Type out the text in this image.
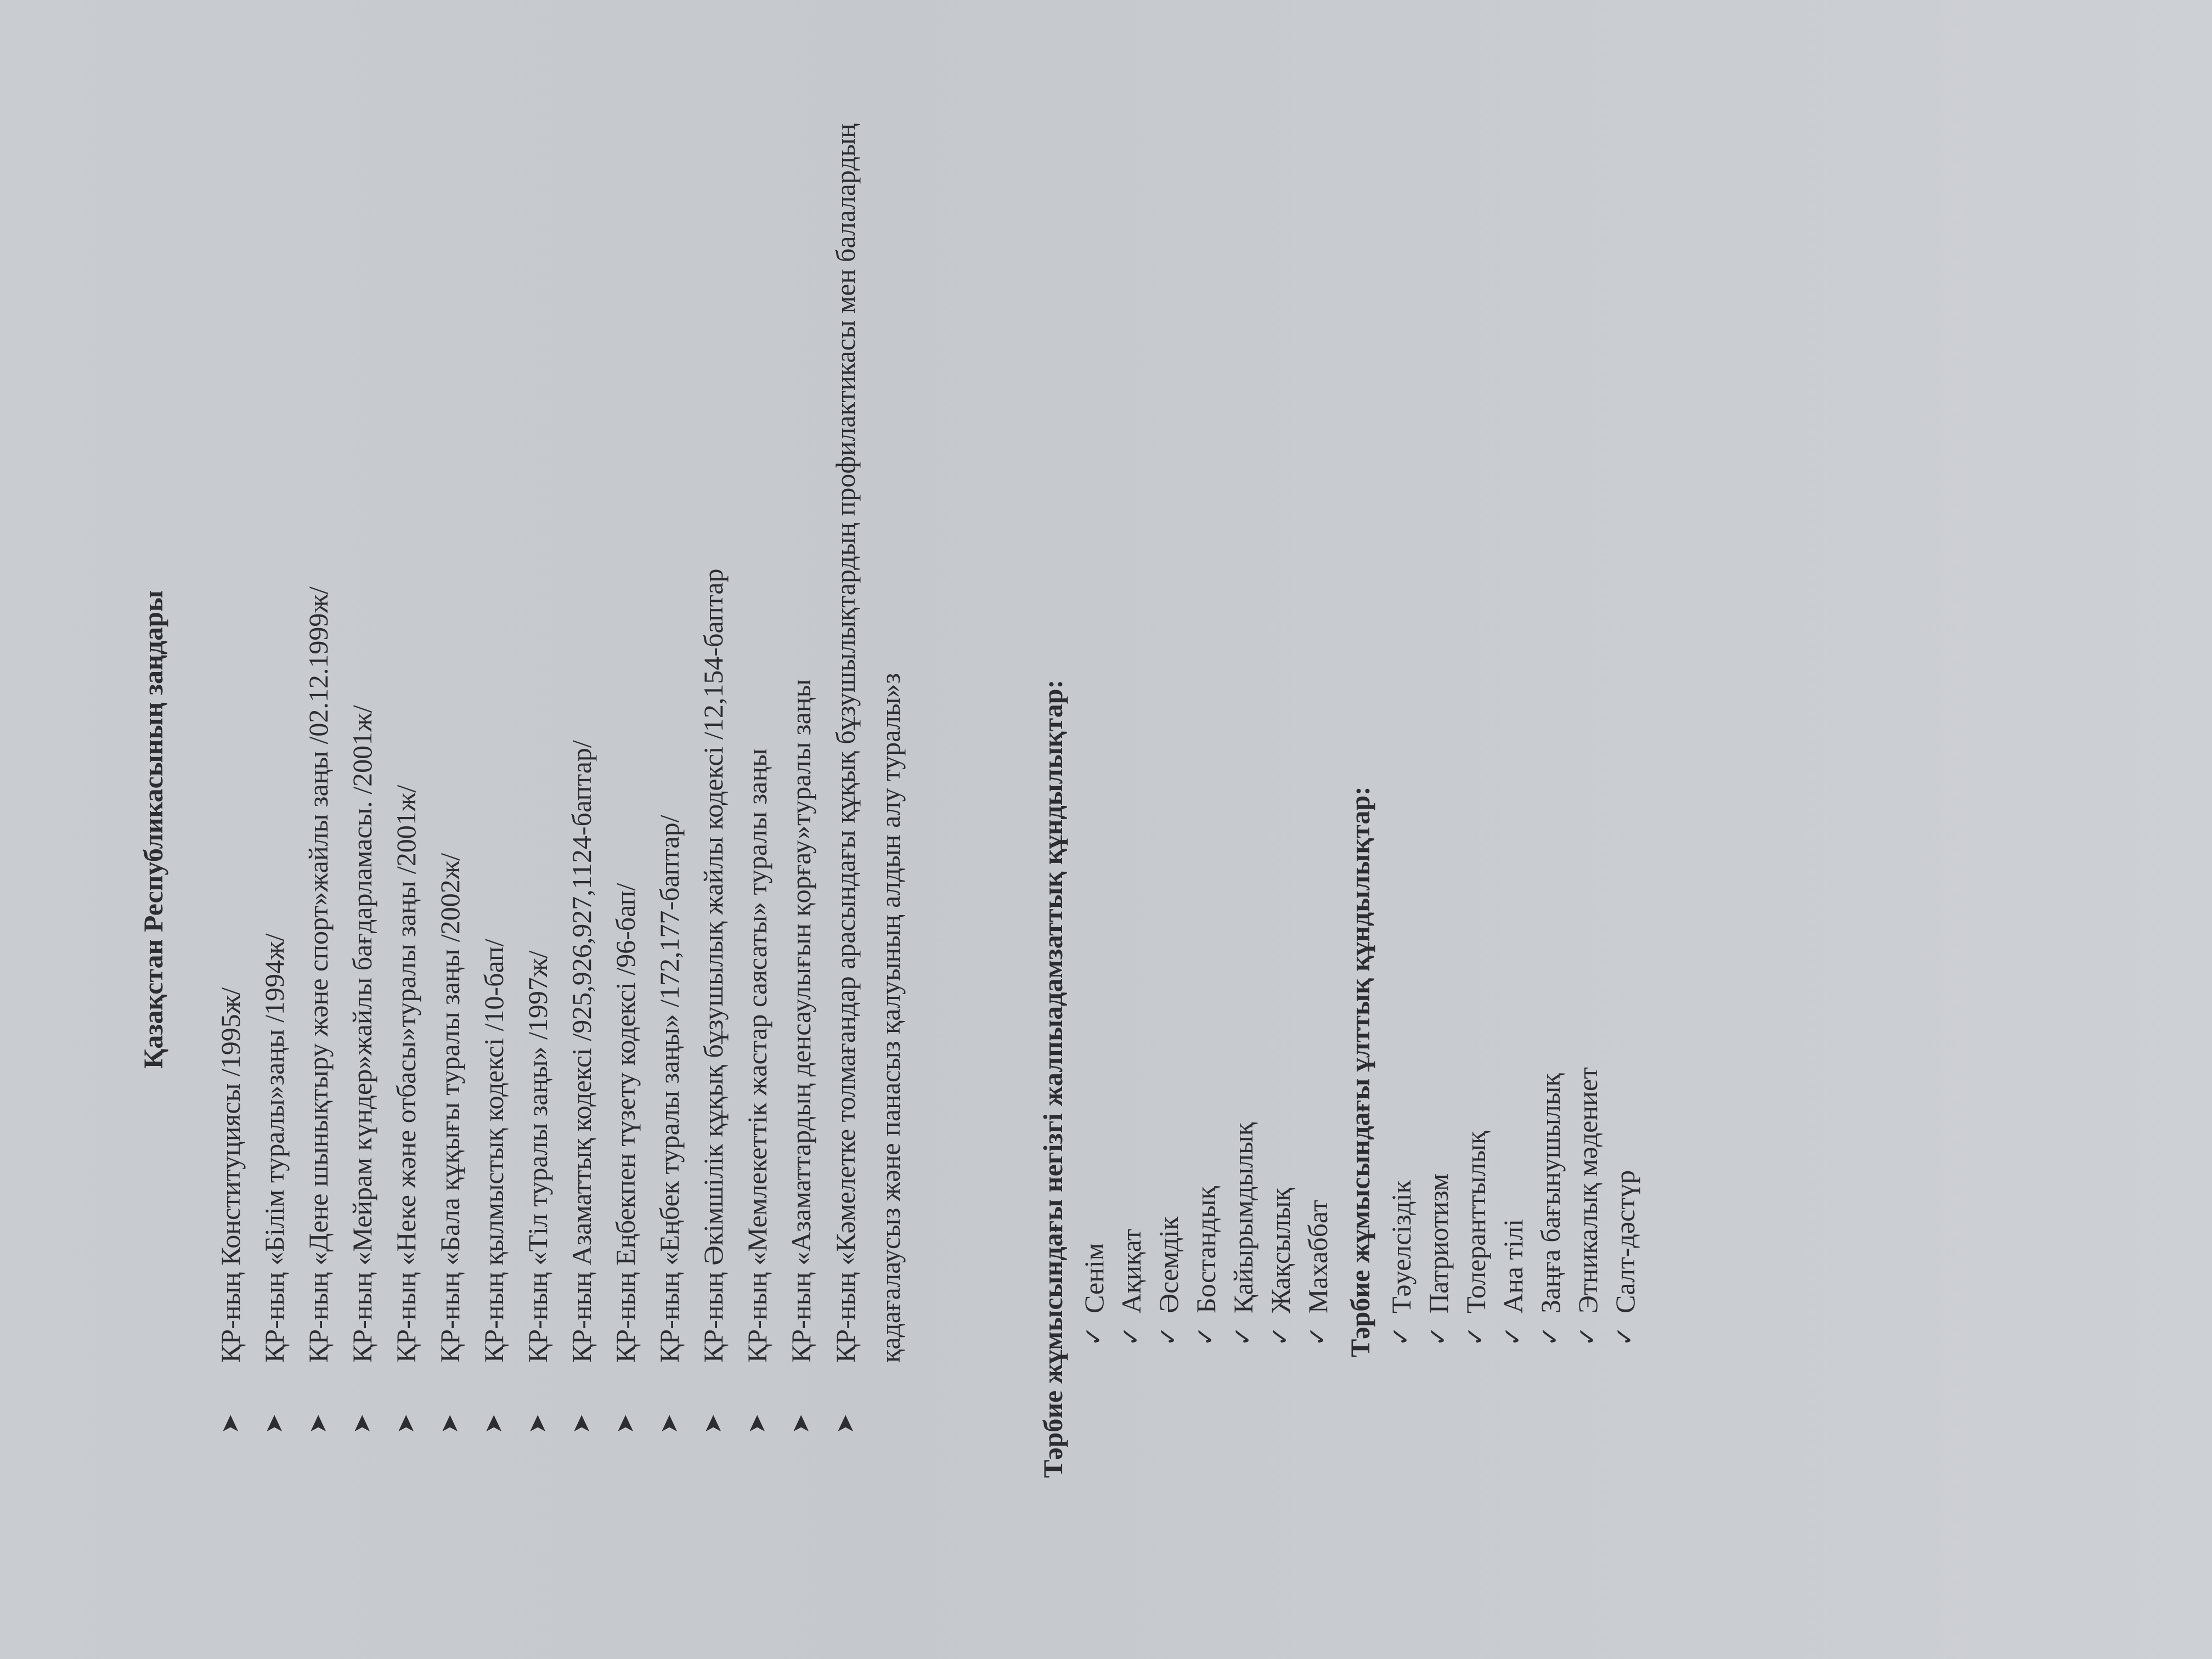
Қазақстан Республикасының заңдары
➤
ҚР-ның Конституциясы /1995ж/
➤
ҚР-ның «Білім туралы»заңы /1994ж/
➤
ҚР-ның «Дене шынықтыру және спорт»жайлы заңы /02.12.1999ж/
➤
ҚР-ның «Мейрам күндер»жайлы бағдарламасы. /2001ж/
➤
ҚР-ның «Неке және отбасы»туралы заңы /2001ж/
➤
ҚР-ның «Бала құқығы туралы заңы /2002ж/
➤
ҚР-ның қылмыстық кодексі /10-бап/
➤
ҚР-ның «Тіл туралы заңы» /1997ж/
➤
ҚР-ның Азаматтық кодексі /925,926,927,1124-баптар/
➤
ҚР-ның Еңбекпен түзету кодексі /96-бап/
➤
ҚР-ның «Еңбек туралы заңы» /172,177-баптар/
➤
ҚР-ның Әкімшілік құқық бұзушылық жайлы кодексі /12,154-баптар
➤
ҚР-ның «Мемлекеттік жастар саясаты» туралы заңы
➤
ҚР-ның «Азаматтардың денсаулығын қорғау»туралы заңы
➤
ҚР-ның «Кәмелетке толмағандар арасындағы құқық бұзушылықтардың профилактикасы мен балалардың қадағалаусыз және панасыз қалуының алдын алу туралы»з	Тәрбие жұмысындағы негізгі жалпыадамзаттық құндылықтар: ✓
Сенім
✓
Ақиқат
✓
Әсемдік
✓
Бостандық
✓
Қайырымдылық
✓
Жақсылық
✓
Махаббат Тәрбие жұмысындағы ұлттық құндылықтар: ✓
Тәуелсіздік
✓
Патриотизм
✓
Толеранттылық
✓
Ана тілі
✓
Заңға бағынушылық
✓
Этникалық мәдениет
✓
Салт-дәстүр
